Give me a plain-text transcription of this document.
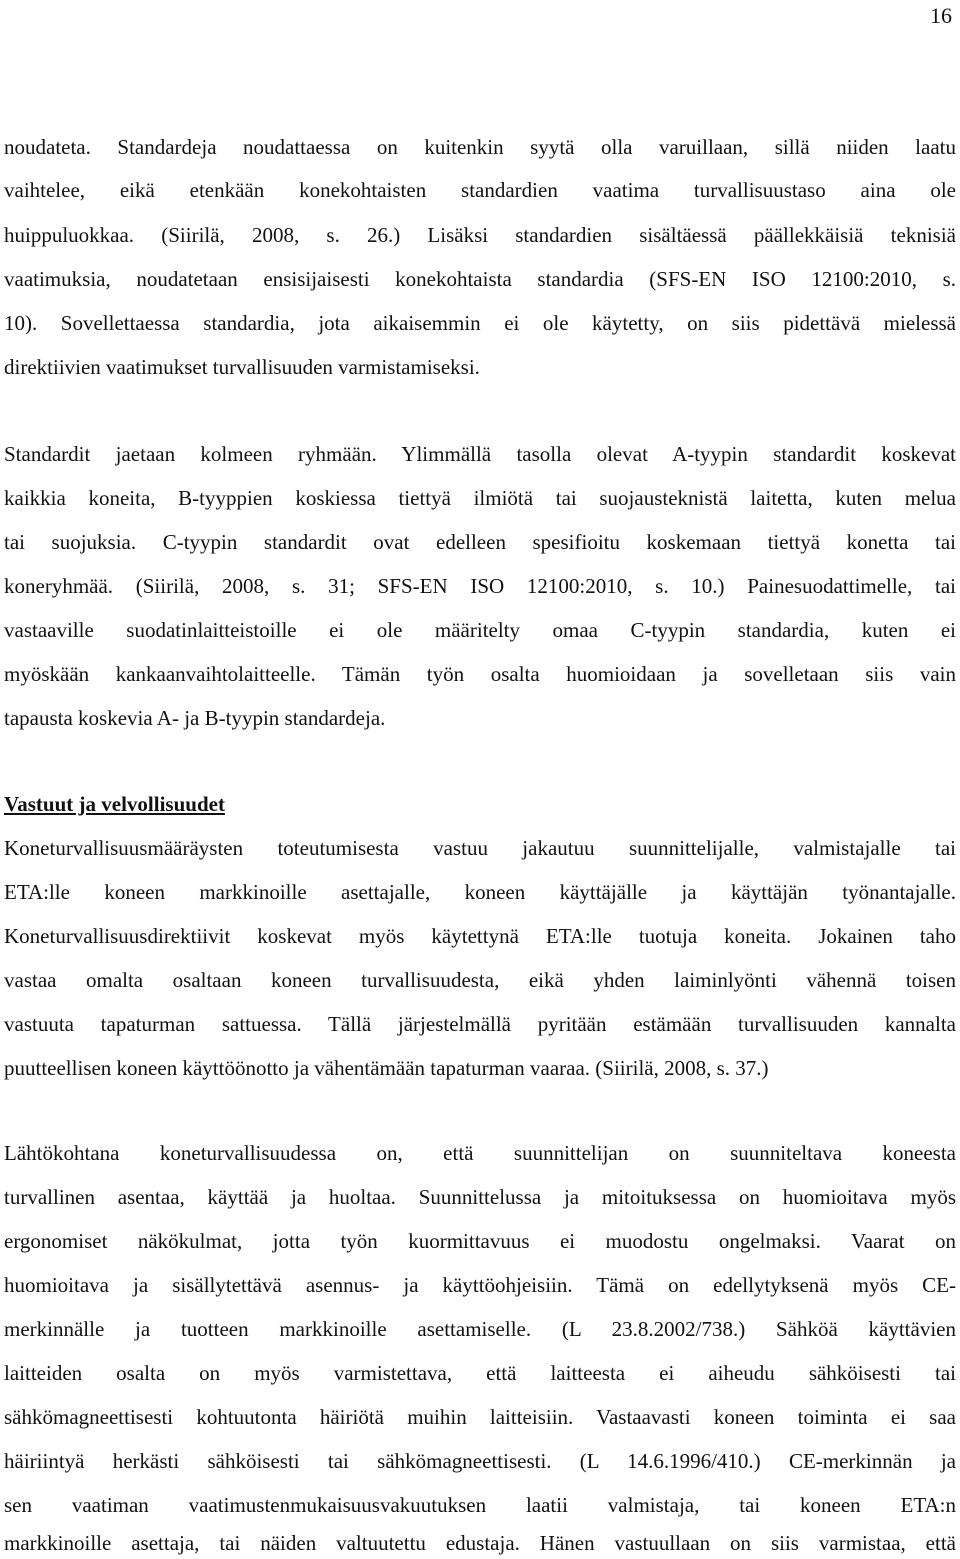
16
noudateta. Standardeja noudattaessa on kuitenkin syytä olla varuillaan, sillä niiden laatu
vaihtelee, eikä etenkään konekohtaisten standardien vaatima turvallisuustaso aina ole
huippuluokkaa. (Siirilä, 2008, s. 26.) Lisäksi standardien sisältäessä päällekkäisiä teknisiä
vaatimuksia, noudatetaan ensisijaisesti konekohtaista standardia (SFS-EN ISO 12100:2010, s.
10). Sovellettaessa standardia, jota aikaisemmin ei ole käytetty, on siis pidettävä mielessä
direktiivien vaatimukset turvallisuuden varmistamiseksi.
Standardit jaetaan kolmeen ryhmään. Ylimmällä tasolla olevat A-tyypin standardit koskevat
kaikkia koneita, B-tyyppien koskiessa tiettyä ilmiötä tai suojausteknistä laitetta, kuten melua
tai suojuksia. C-tyypin standardit ovat edelleen spesifioitu koskemaan tiettyä konetta tai
koneryhmää. (Siirilä, 2008, s. 31; SFS-EN ISO 12100:2010, s. 10.) Painesuodattimelle, tai
vastaaville suodatinlaitteistoille ei ole määritelty omaa C-tyypin standardia, kuten ei
myöskään kankaanvaihtolaitteelle. Tämän työn osalta huomioidaan ja sovelletaan siis vain
tapausta koskevia A- ja B-tyypin standardeja.
Vastuut ja velvollisuudet
Koneturvallisuusmääräysten toteutumisesta vastuu jakautuu suunnittelijalle, valmistajalle tai
ETA:lle koneen markkinoille asettajalle, koneen käyttäjälle ja käyttäjän työnantajalle.
Koneturvallisuusdirektiivit koskevat myös käytettynä ETA:lle tuotuja koneita. Jokainen taho
vastaa omalta osaltaan koneen turvallisuudesta, eikä yhden laiminlyönti vähennä toisen
vastuuta tapaturman sattuessa. Tällä järjestelmällä pyritään estämään turvallisuuden kannalta
puutteellisen koneen käyttöönotto ja vähentämään tapaturman vaaraa. (Siirilä, 2008, s. 37.)
Lähtökohtana koneturvallisuudessa on, että suunnittelijan on suunniteltava koneesta
turvallinen asentaa, käyttää ja huoltaa. Suunnittelussa ja mitoituksessa on huomioitava myös
ergonomiset näkökulmat, jotta työn kuormittavuus ei muodostu ongelmaksi. Vaarat on
huomioitava ja sisällytettävä asennus- ja käyttöohjeisiin. Tämä on edellytyksenä myös CE-
merkinnälle ja tuotteen markkinoille asettamiselle. (L 23.8.2002/738.) Sähköä käyttävien
laitteiden osalta on myös varmistettava, että laitteesta ei aiheudu sähköisesti tai
sähkömagneettisesti kohtuutonta häiriötä muihin laitteisiin. Vastaavasti koneen toiminta ei saa
häiriintyä herkästi sähköisesti tai sähkömagneettisesti. (L 14.6.1996/410.) CE-merkinnän ja
sen vaatiman vaatimustenmukaisuusvakuutuksen laatii valmistaja, tai koneen ETA:n
markkinoille asettaja, tai näiden valtuutettu edustaja. Hänen vastuullaan on siis varmistaa, että
